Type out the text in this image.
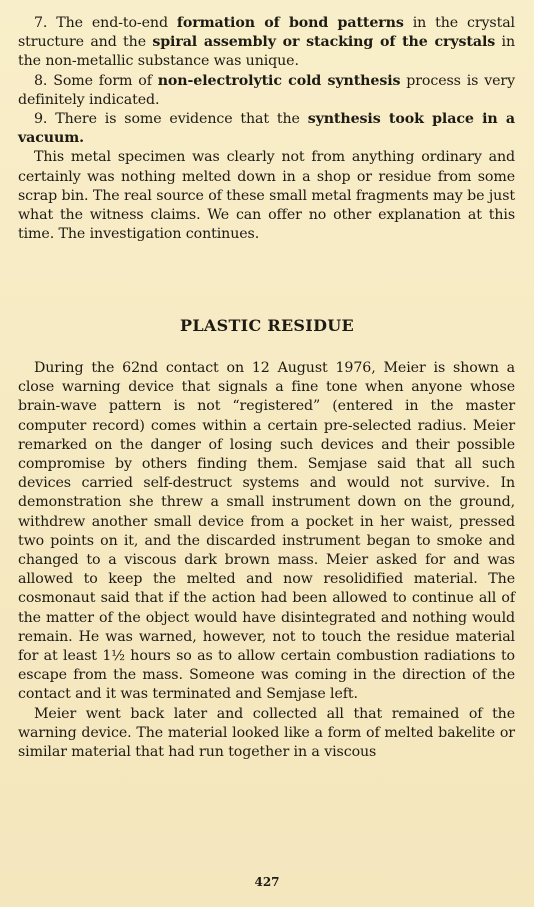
7. The end-to-end formation of bond patterns in the crystal structure and the spiral assembly or stacking of the crystals in the non-metallic substance was unique.

8. Some form of non-electrolytic cold synthesis process is very definitely indicated.

9. There is some evidence that the synthesis took place in a vacuum.

This metal specimen was clearly not from anything ordinary and certainly was nothing melted down in a shop or residue from some scrap bin. The real source of these small metal fragments may be just what the witness claims. We can offer no other explanation at this time. The investigation continues.

PLASTIC RESIDUE

During the 62nd contact on 12 August 1976, Meier is shown a close warning device that signals a fine tone when anyone whose brain-wave pattern is not “registered” (entered in the master computer record) comes within a certain pre-selected radius. Meier remarked on the danger of losing such devices and their possible compromise by others finding them. Semjase said that all such devices carried self-destruct systems and would not survive. In demonstration she threw a small instrument down on the ground, withdrew another small device from a pocket in her waist, pressed two points on it, and the discarded instrument began to smoke and changed to a viscous dark brown mass. Meier asked for and was allowed to keep the melted and now resolidified material. The cosmonaut said that if the action had been allowed to continue all of the matter of the object would have disintegrated and nothing would remain. He was warned, however, not to touch the residue material for at least 1½ hours so as to allow certain combustion radiations to escape from the mass. Someone was coming in the direction of the contact and it was terminated and Semjase left.

Meier went back later and collected all that remained of the warning device. The material looked like a form of melted bakelite or similar material that had run together in a viscous

427
